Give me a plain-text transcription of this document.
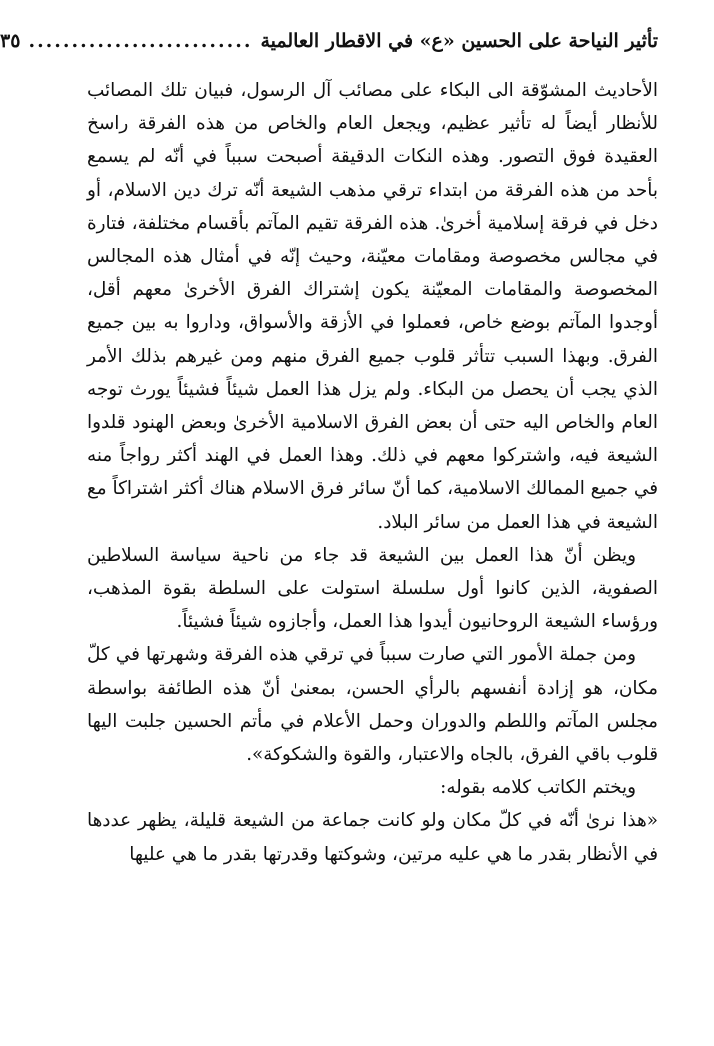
تأثير النياحة على الحسين «ع» في الاقطار العالمية
..........................
٣٥

الأحاديث المشوّقة الى البكاء على مصائب آل الرسول، فبيان تلك المصائب للأنظار أيضاً له تأثير عظيم، ويجعل العام والخاص من هذه الفرقة راسخ العقيدة فوق التصور. وهذه النكات الدقيقة أصبحت سبباً في أنّه لم يسمع بأحد من هذه الفرقة من ابتداء ترقي مذهب الشيعة أنّه ترك دين الاسلام، أو دخل في فرقة إسلامية أخرىٰ. هذه الفرقة تقيم المآتم بأقسام مختلفة، فتارة في مجالس مخصوصة ومقامات معيّنة، وحيث إنّه في أمثال هذه المجالس المخصوصة والمقامات المعيّنة يكون إشتراك الفرق الأخرىٰ معهم أقل، أوجدوا المآتم بوضع خاص، فعملوا في الأزقة والأسواق، وداروا به بين جميع الفرق. وبهذا السبب تتأثر قلوب جميع الفرق منهم ومن غيرهم بذلك الأمر الذي يجب أن يحصل من البكاء. ولم يزل هذا العمل شيئاً فشيئاً يورث توجه العام والخاص اليه حتى أن بعض الفرق الاسلامية الأخرىٰ وبعض الهنود قلدوا الشيعة فيه، واشتركوا معهم في ذلك. وهذا العمل في الهند أكثر رواجاً منه في جميع الممالك الاسلامية، كما أنّ سائر فرق الاسلام هناك أكثر اشتراكاً مع الشيعة في هذا العمل من سائر البلاد.

ويظن أنّ هذا العمل بين الشيعة قد جاء من ناحية سياسة السلاطين الصفوية، الذين كانوا أول سلسلة استولت على السلطة بقوة المذهب، ورؤساء الشيعة الروحانيون أيدوا هذا العمل، وأجازوه شيئاً فشيئاً.

ومن جملة الأمور التي صارت سبباً في ترقي هذه الفرقة وشهرتها في كلّ مكان، هو إزادة أنفسهم بالرأي الحسن، بمعنىٰ أنّ هذه الطائفة بواسطة مجلس المآتم واللطم والدوران وحمل الأعلام في مأتم الحسين جلبت اليها قلوب باقي الفرق، بالجاه والاعتبار، والقوة والشكوكة».

ويختم الكاتب كلامه بقوله:

«هذا نرىٰ أنّه في كلّ مكان ولو كانت جماعة من الشيعة قليلة، يظهر عددها في الأنظار بقدر ما هي عليه مرتين، وشوكتها وقدرتها بقدر ما هي عليها
